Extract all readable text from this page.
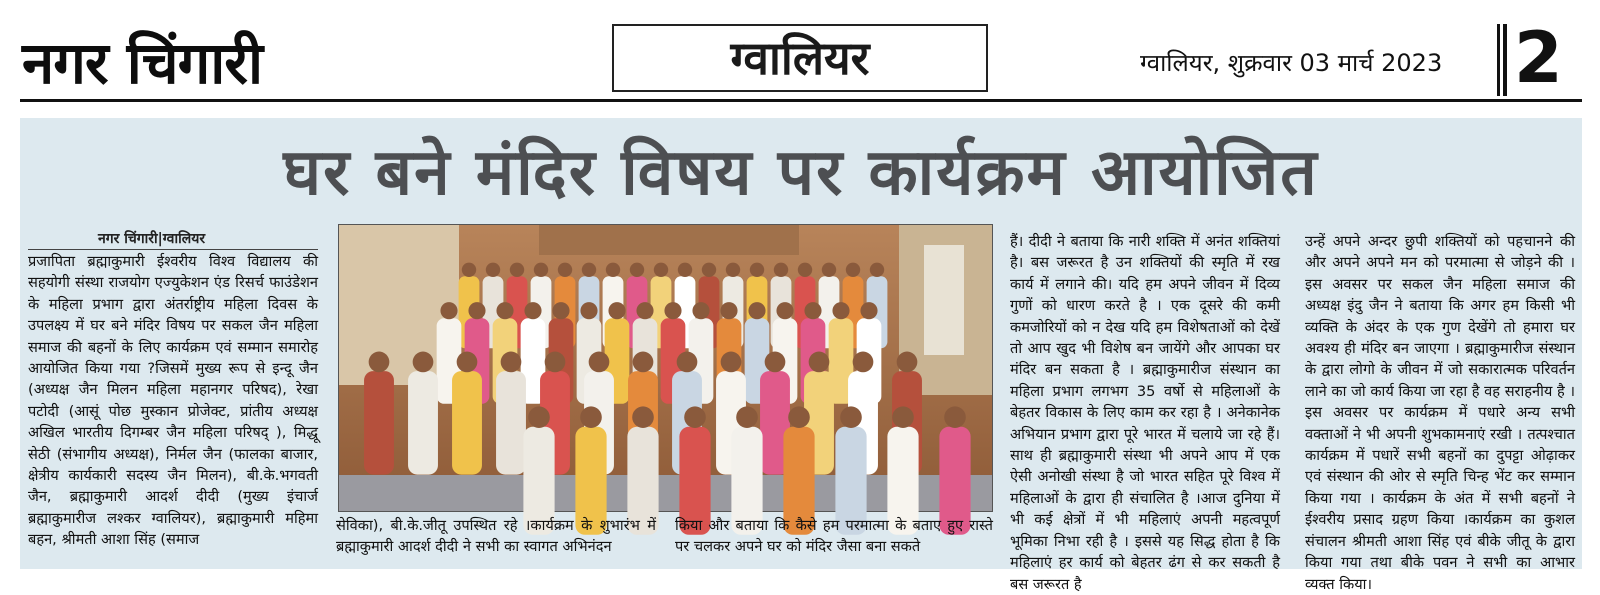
नगर चिंगारी	ग्वालियर	ग्वालियर, शुक्रवार 03 मार्च 2023	2
घर बने मंदिर विषय पर कार्यक्रम आयोजित
नगर चिंगारी|ग्वालियर
प्रजापिता ब्रह्माकुमारी ईश्वरीय विश्व विद्यालय की सहयोगी संस्था राजयोग एज्युकेशन एंड रिसर्च फाउंडेशन के महिला प्रभाग द्वारा अंतर्राष्ट्रीय महिला दिवस के उपलक्ष्य में घर बने मंदिर विषय पर सकल जैन महिला समाज की बहनों के लिए कार्यक्रम एवं सम्मान समारोह आयोजित किया गया ?जिसमें मुख्य रूप से इन्दू जैन (अध्यक्ष जैन मिलन महिला महानगर परिषद), रेखा पटोदी (आसूं पोछ मुस्कान प्रोजेक्ट, प्रांतीय अध्यक्ष अखिल भारतीय दिगम्बर जैन महिला परिषद् ), मिद्धू सेठी (संभागीय अध्यक्ष), निर्मल जैन (फालका बाजार, क्षेत्रीय कार्यकारी सदस्य जैन मिलन), बी.के.भगवती जैन, ब्रह्माकुमारी आदर्श दीदी (मुख्य इंचार्ज ब्रह्माकुमारीज लश्कर ग्वालियर), ब्रह्माकुमारी महिमा बहन, श्रीमती आशा सिंह (समाज
सेविका), बी.के.जीतू उपस्थित रहे ।कार्यक्रम के शुभारंभ में ब्रह्माकुमारी आदर्श दीदी ने सभी का स्वागत अभिनंदन
किया और बताया कि कैसे हम परमात्मा के बताए हुए रास्ते पर चलकर अपने घर को मंदिर जैसा बना सकते
हैं। दीदी ने बताया कि नारी शक्ति में अनंत शक्तियां है। बस जरूरत है उन शक्तियों की स्मृति में रख कार्य में लगाने की। यदि हम अपने जीवन में दिव्य गुणों को धारण करते है । एक दूसरे की कमी कमजोरियों को न देख यदि हम विशेषताओं को देखें तो आप खुद भी विशेष बन जायेंगे और आपका घर मंदिर बन सकता है । ब्रह्माकुमारीज संस्थान का महिला प्रभाग लगभग 35 वर्षो से महिलाओं के बेहतर विकास के लिए काम कर रहा है । अनेकानेक अभियान प्रभाग द्वारा पूरे भारत में चलाये जा रहे हैं।साथ ही ब्रह्माकुमारी संस्था भी अपने आप में एक ऐसी अनोखी संस्था है जो भारत सहित पूरे विश्व में महिलाओं के द्वारा ही संचालित है ।आज दुनिया में भी कई क्षेत्रों में भी महिलाएं अपनी महत्वपूर्ण भूमिका निभा रही है । इससे यह सिद्ध होता है कि महिलाएं हर कार्य को बेहतर ढंग से कर सकती है बस जरूरत है
उन्हें अपने अन्दर छुपी शक्तियों को पहचानने की और अपने अपने मन को परमात्मा से जोड़ने की ।इस अवसर पर सकल जैन महिला समाज की अध्यक्ष इंदु जैन ने बताया कि अगर हम किसी भी व्यक्ति के अंदर के एक गुण देखेंगे तो हमारा घर अवश्य ही मंदिर बन जाएगा । ब्रह्माकुमारीज संस्थान के द्वारा लोगो के जीवन में जो सकारात्मक परिवर्तन लाने का जो कार्य किया जा रहा है वह सराहनीय है ।इस अवसर पर कार्यक्रम में पधारे अन्य सभी वक्ताओं ने भी अपनी शुभकामनाएं रखी । तत्पश्चात कार्यक्रम में पधारें सभी बहनों का दुपट्टा ओढ़ाकर एवं संस्थान की ओर से स्मृति चिन्ह भेंट कर सम्मान किया गया । कार्यक्रम के अंत में सभी बहनों ने ईश्वरीय प्रसाद ग्रहण किया ।कार्यक्रम का कुशल संचालन श्रीमती आशा सिंह एवं बीके जीतू के द्वारा किया गया तथा बीके पवन ने सभी का आभार व्यक्त किया।
